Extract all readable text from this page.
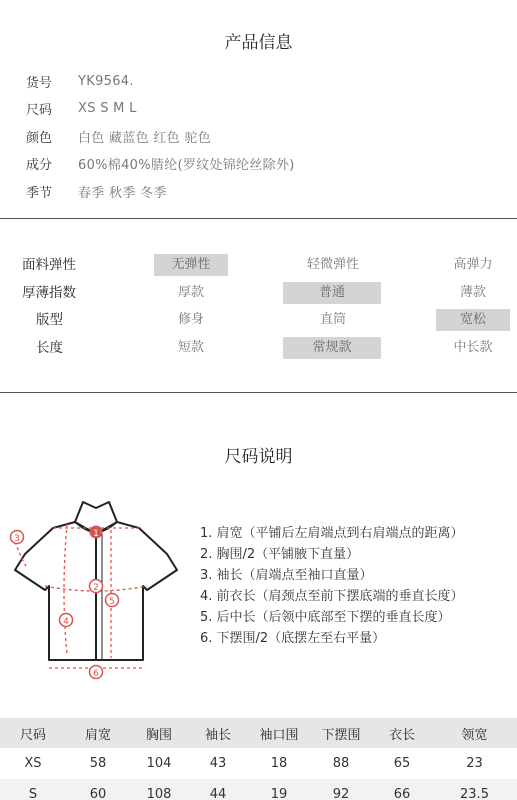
产品信息
货号	YK9564.
尺码	XS S M L
颜色	白色 藏蓝色 红色 驼色
成分	60%棉40%腈纶(罗纹处锦纶丝除外)
季节	春季 秋季 冬季
面料弹性	无弹性	轻微弹性	高弹力
厚薄指数	厚款	普通	薄款
版型	修身	直筒	宽松
长度	短款	常规款	中长款
尺码说明
1
2
3
4
5
6
1. 肩宽（平铺后左肩端点到右肩端点的距离）
2. 胸围/2（平铺腋下直量）
3. 袖长（肩端点至袖口直量）
4. 前衣长（肩颈点至前下摆底端的垂直长度）
5. 后中长（后领中底部至下摆的垂直长度）
6. 下摆围/2（底摆左至右平量）
尺码	肩宽	胸围	袖长	袖口围	下摆围	衣长	领宽
XS	58	104	43	18	88	65	23
S	60	108	44	19	92	66	23.5
